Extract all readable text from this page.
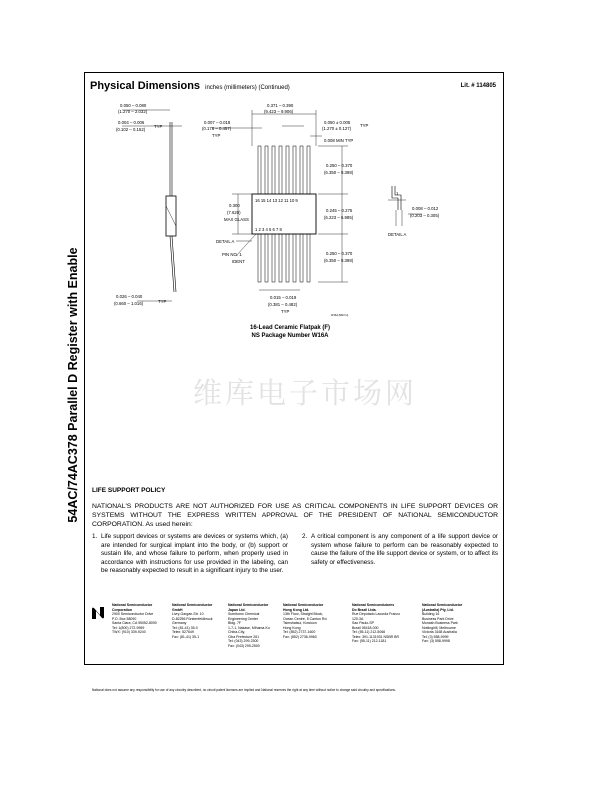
54AC/74AC378 Parallel D Register with Enable
Physical Dimensions inches (millimeters) (Continued)	Lit. # 114805
0.050 – 0.080
(1.270 – 2.032)
0.004 – 0.006
(0.102 – 0.152)
TYP
0.026 – 0.040
(0.660 – 1.016)	TYP
16 15 14 13 12 11 10 9
1 2 3 4 5 6 7 8
0.371 – 0.390
(9.423 – 9.906)
0.007 – 0.018
(0.178 – 0.457)
TYP
0.050 ± 0.005
(1.270 ± 0.127)
TYP
0.008 MIN TYP
0.250 – 0.370
(6.350 – 9.398)
0.245 – 0.275
(6.223 – 6.985)
0.300
(7.620)
MAX GLASS
0.250 – 0.370
(6.350 – 9.398)
DETAIL A
PIN NO. 1
IDENT
0.015 – 0.019
(0.381 – 0.482)
TYP
W16A (REV H)
1
0.008 – 0.012
(0.203 – 0.305)
DETAIL A
16-Lead Ceramic Flatpak (F)
NS Package Number W16A
维库电子市场网
LIFE SUPPORT POLICY
NATIONAL'S PRODUCTS ARE NOT AUTHORIZED FOR USE AS CRITICAL COMPONENTS IN LIFE SUPPORT DEVICES OR SYSTEMS WITHOUT THE EXPRESS WRITTEN APPROVAL OF THE PRESIDENT OF NATIONAL SEMICONDUCTOR CORPORATION. As used herein:
1. Life support devices or systems are devices or systems which, (a) are intended for surgical implant into the body, or (b) support or sustain life, and whose failure to perform, when properly used in accordance with instructions for use provided in the labeling, can be reasonably expected to result in a significant injury to the user.
2. A critical component is any component of a life support device or system whose failure to perform can be reasonably expected to cause the failure of the life support device or system, or to affect its safety or effectiveness.
National Semiconductor
Corporation
2900 Semiconductor Drive
P.O. Box 58090
Santa Clara, CA 95052-8090
Tel: 1(800) 272-9959
TWX: (910) 339-9240
National Semiconductor
GmbH
Livry-Gargan-Str. 10
D-82256 Fürstenfeldbruck
Germany
Tel: (81-41) 35-0
Telex: 527649
Fax: (81-41) 35-1
National Semiconductor
Japan Ltd.
Sumitomo Chemical
Engineering Center
Bldg. 7F
1-7-1, Nakase, Mihama-Ku
Chiba-City,
Ciba Prefecture 261
Tel: (043) 299-2300
Fax: (043) 299-2500
National Semiconductor
Hong Kong Ltd.
13th Floor, Straight Block,
Ocean Centre, 5 Canton Rd.
Tsimshatsui, Kowloon
Hong Kong
Tel: (852) 2737-1600
Fax: (852) 2736-9960
National Semicondutores
Do Brazil Ltda.
Rue Deputado Lacorda Franco
120-3A
Sao Paulo-SP
Brazil 05418-000
Tel: (55-11) 212-5066
Telex: 391-1131931 NSBR BR
Fax: (55-11) 212-1181
National Semiconductor
(Australia) Pty, Ltd.
Building 16
Business Park Drive
Monash Business Park
Nottinghill, Melbourne
Victoria 3168 Australia
Tel: (3) 558-9999
Fax: (3) 558-9998
National does not assume any responsibility for use of any circuitry described, no circuit patent licenses are implied and National reserves the right at any time without notice to change said circuitry and specifications.
